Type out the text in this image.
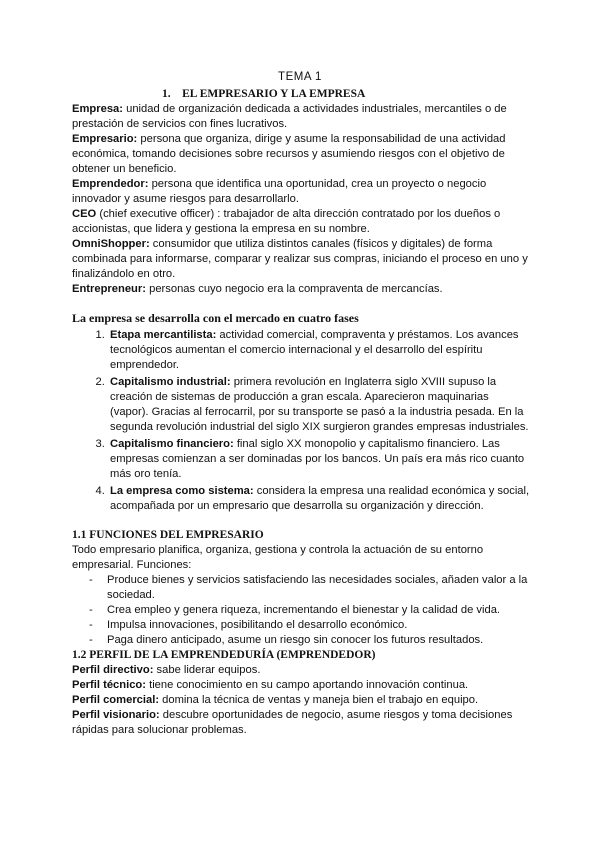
TEMA 1
1. EL EMPRESARIO Y LA EMPRESA

Empresa: unidad de organización dedicada a actividades industriales, mercantiles o de prestación de servicios con fines lucrativos.

Empresario: persona que organiza, dirige y asume la responsabilidad de una actividad económica, tomando decisiones sobre recursos y asumiendo riesgos con el objetivo de obtener un beneficio.

Emprendedor: persona que identifica una oportunidad, crea un proyecto o negocio innovador y asume riesgos para desarrollarlo.

CEO (chief executive officer) : trabajador de alta dirección contratado por los dueños o accionistas, que lidera y gestiona la empresa en su nombre.

OmniShopper: consumidor que utiliza distintos canales (físicos y digitales) de forma combinada para informarse, comparar y realizar sus compras, iniciando el proceso en uno y finalizándolo en otro.

Entrepreneur: personas cuyo negocio era la compraventa de mercancías.

La empresa se desarrolla con el mercado en cuatro fases
1. Etapa mercantilista: actividad comercial, compraventa y préstamos. Los avances tecnológicos aumentan el comercio internacional y el desarrollo del espíritu emprendedor.
2. Capitalismo industrial: primera revolución en Inglaterra siglo XVIII supuso la creación de sistemas de producción a gran escala. Aparecieron maquinarias (vapor). Gracias al ferrocarril, por su transporte se pasó a la industria pesada. En la segunda revolución industrial del siglo XIX surgieron grandes empresas industriales.
3. Capitalismo financiero: final siglo XX monopolio y capitalismo financiero. Las empresas comienzan a ser dominadas por los bancos. Un país era más rico cuanto más oro tenía.
4. La empresa como sistema: considera la empresa una realidad económica y social, acompañada por un empresario que desarrolla su organización y dirección.
1.1 FUNCIONES DEL EMPRESARIO

Todo empresario planifica, organiza, gestiona y controla la actuación de su entorno empresarial. Funciones:

- Produce bienes y servicios satisfaciendo las necesidades sociales, añaden valor a la sociedad.
- Crea empleo y genera riqueza, incrementando el bienestar y la calidad de vida.
- Impulsa innovaciones, posibilitando el desarrollo económico.
- Paga dinero anticipado, asume un riesgo sin conocer los futuros resultados.
1.2 PERFIL DE LA EMPRENDEDURÍA (EMPRENDEDOR)

Perfil directivo: sabe liderar equipos.

Perfil técnico: tiene conocimiento en su campo aportando innovación continua.

Perfil comercial: domina la técnica de ventas y maneja bien el trabajo en equipo.

Perfil visionario: descubre oportunidades de negocio, asume riesgos y toma decisiones rápidas para solucionar problemas.
